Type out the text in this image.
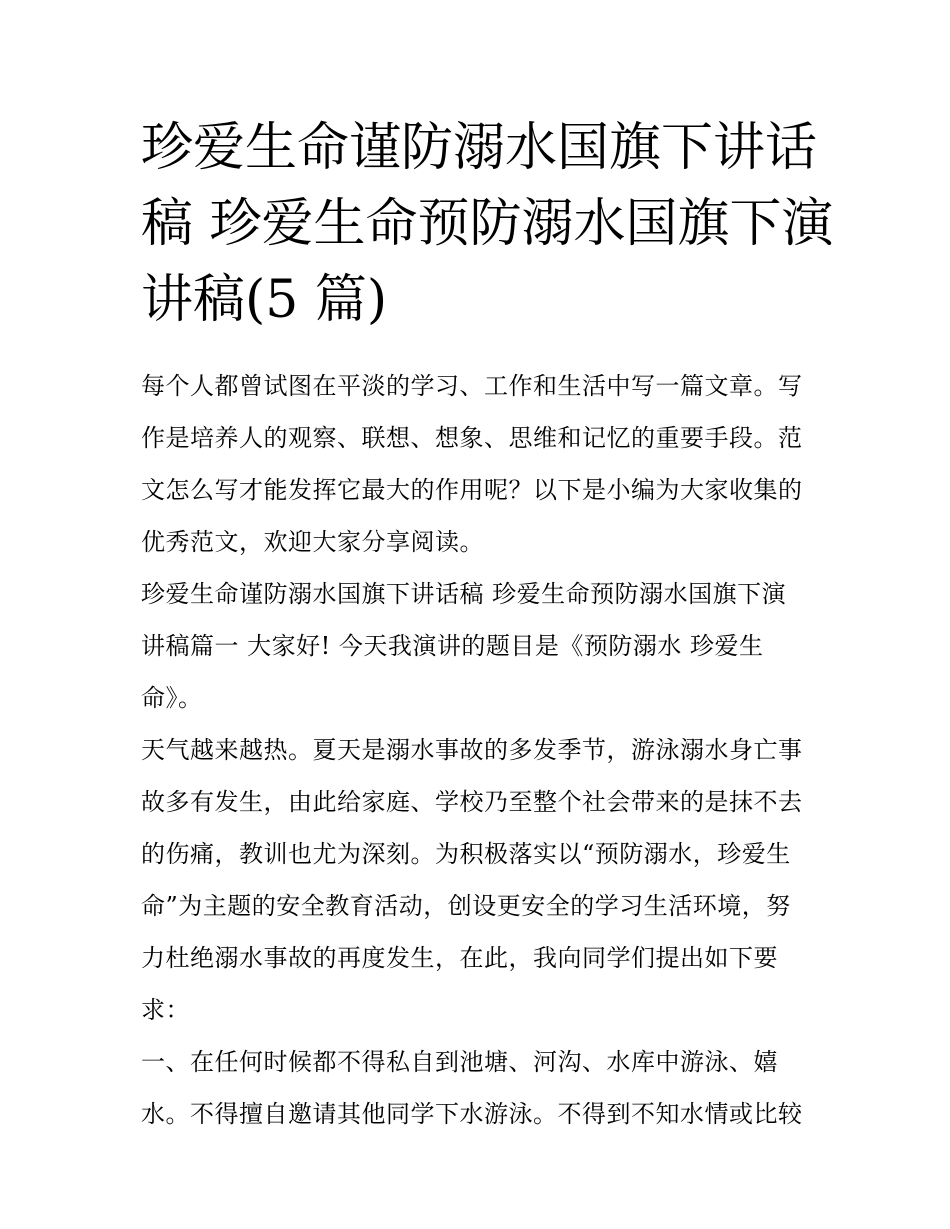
珍爱生命谨防溺水国旗下讲话
稿 珍爱生命预防溺水国旗下演
讲稿(5 篇)
每个人都曾试图在平淡的学习、工作和生活中写一篇文章。写
作是培养人的观察、联想、想象、思维和记忆的重要手段。范
文怎么写才能发挥它最大的作用呢？以下是小编为大家收集的
优秀范文，欢迎大家分享阅读。
珍爱生命谨防溺水国旗下讲话稿 珍爱生命预防溺水国旗下演
讲稿篇一 大家好! 今天我演讲的题目是《预防溺水 珍爱生
命》。
天气越来越热。夏天是溺水事故的多发季节，游泳溺水身亡事
故多有发生，由此给家庭、学校乃至整个社会带来的是抹不去
的伤痛，教训也尤为深刻。为积极落实以“预防溺水，珍爱生
命”为主题的安全教育活动，创设更安全的学习生活环境，努
力杜绝溺水事故的再度发生，在此，我向同学们提出如下要
求：
一、在任何时候都不得私自到池塘、河沟、水库中游泳、嬉
水。不得擅自邀请其他同学下水游泳。不得到不知水情或比较
